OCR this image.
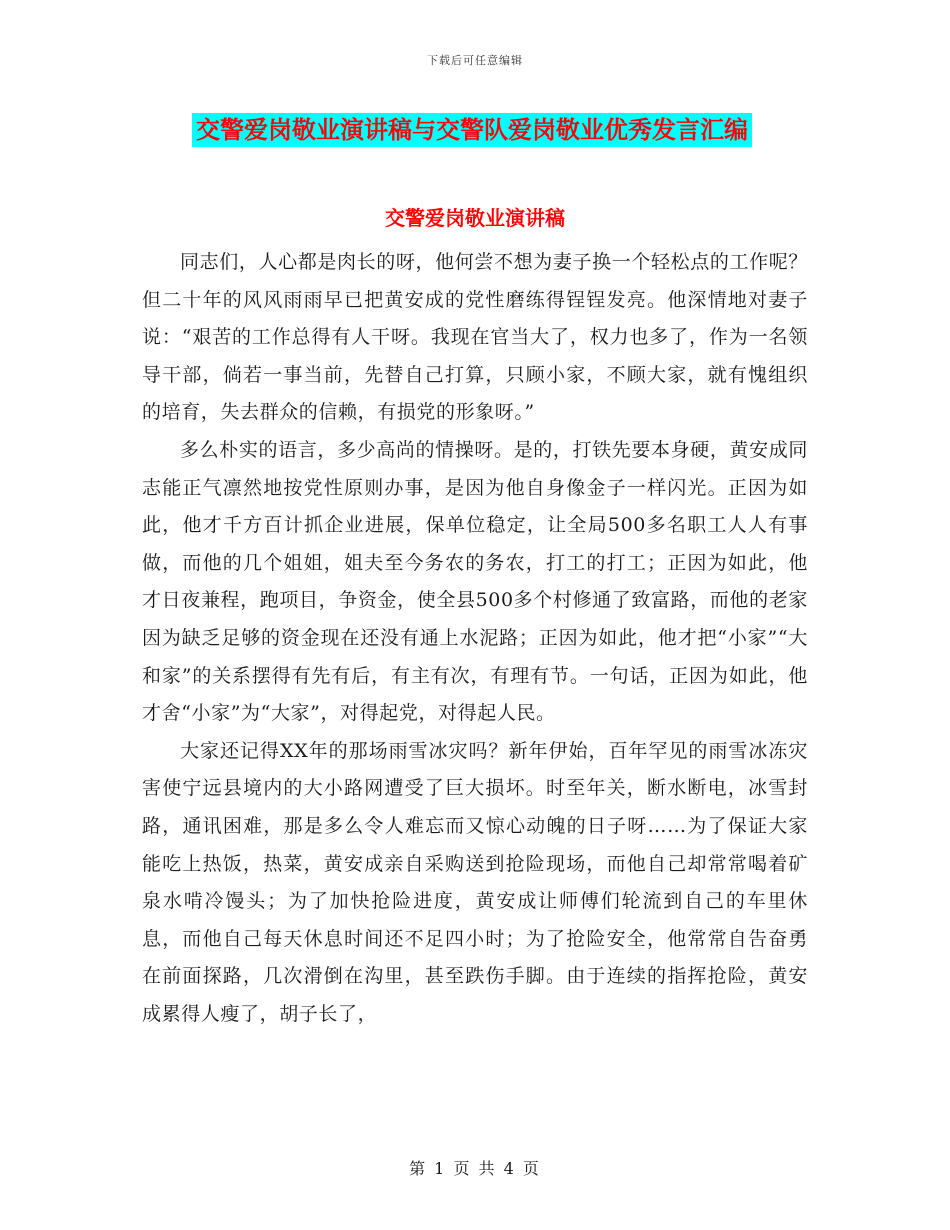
下载后可任意编辑
交警爱岗敬业演讲稿与交警队爱岗敬业优秀发言汇编
交警爱岗敬业演讲稿

同志们，人心都是肉长的呀，他何尝不想为妻子换一个轻松点的工作呢？但二十年的风风雨雨早已把黄安成的党性磨练得锃锃发亮。他深情地对妻子说：“艰苦的工作总得有人干呀。我现在官当大了，权力也多了，作为一名领导干部，倘若一事当前，先替自己打算，只顾小家，不顾大家，就有愧组织的培育，失去群众的信赖，有损党的形象呀。”

多么朴实的语言，多少高尚的情操呀。是的，打铁先要本身硬，黄安成同志能正气凛然地按党性原则办事，是因为他自身像金子一样闪光。正因为如此，他才千方百计抓企业进展，保单位稳定，让全局500多名职工人人有事做，而他的几个姐姐，姐夫至今务农的务农，打工的打工；正因为如此，他才日夜兼程，跑项目，争资金，使全县500多个村修通了致富路，而他的老家因为缺乏足够的资金现在还没有通上水泥路；正因为如此，他才把“小家”“大和家”的关系摆得有先有后，有主有次，有理有节。一句话，正因为如此，他才舍“小家”为“大家”，对得起党，对得起人民。

大家还记得XX年的那场雨雪冰灾吗？新年伊始，百年罕见的雨雪冰冻灾害使宁远县境内的大小路网遭受了巨大损坏。时至年关，断水断电，冰雪封路，通讯困难，那是多么令人难忘而又惊心动魄的日子呀……为了保证大家能吃上热饭，热菜，黄安成亲自采购送到抢险现场，而他自己却常常喝着矿泉水啃冷馒头；为了加快抢险进度，黄安成让师傅们轮流到自己的车里休息，而他自己每天休息时间还不足四小时；为了抢险安全，他常常自告奋勇在前面探路，几次滑倒在沟里，甚至跌伤手脚。由于连续的指挥抢险，黄安成累得人瘦了，胡子长了，

第 1 页 共 4 页
